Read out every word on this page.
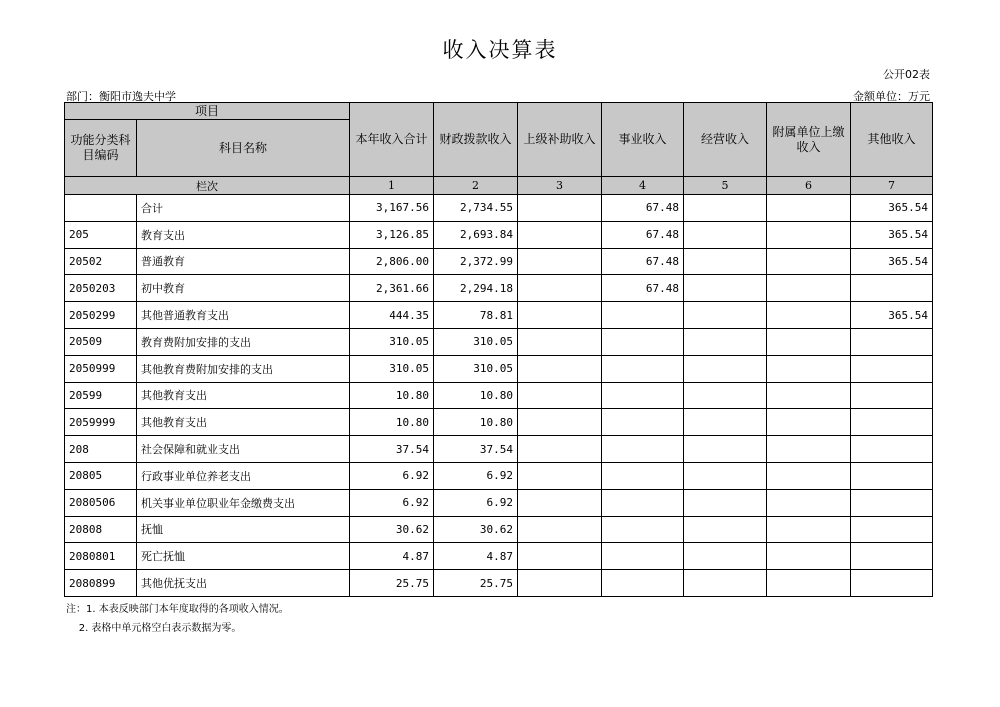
收入决算表
公开02表
部门：衡阳市逸夫中学	金额单位：万元
项目		本年收入合计	财政拨款收入	上级补助收入	事业收入	经营收入	附属单位上缴收入	其他收入
功能分类科目编码	科目名称							
栏次		1	2	3	4	5	6	7
	合计	3,167.56	2,734.55		67.48			365.54
205	教育支出	3,126.85	2,693.84		67.48			365.54
20502	普通教育	2,806.00	2,372.99		67.48			365.54
2050203	初中教育	2,361.66	2,294.18		67.48			
2050299	其他普通教育支出	444.35	78.81					365.54
20509	教育费附加安排的支出	310.05	310.05					
2050999	其他教育费附加安排的支出	310.05	310.05					
20599	其他教育支出	10.80	10.80					
2059999	其他教育支出	10.80	10.80					
208	社会保障和就业支出	37.54	37.54					
20805	行政事业单位养老支出	6.92	6.92					
2080506	机关事业单位职业年金缴费支出	6.92	6.92					
20808	抚恤	30.62	30.62					
2080801	死亡抚恤	4.87	4.87					
2080899	其他优抚支出	25.75	25.75					
注：1. 本表反映部门本年度取得的各项收入情况。
2. 表格中单元格空白表示数据为零。
